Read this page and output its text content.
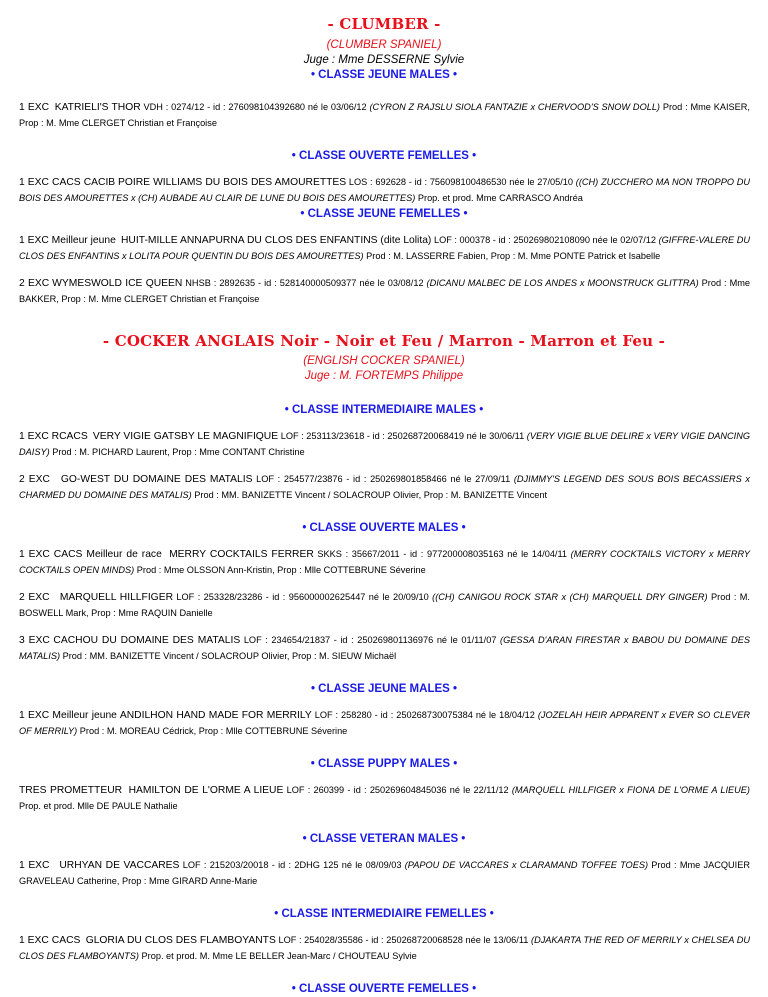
- CLUMBER -
(CLUMBER SPANIEL)
Juge : Mme DESSERNE Sylvie
• CLASSE JEUNE MALES •
1 EXC KATRIELI'S THOR VDH : 0274/12 - id : 276098104392680 né le 03/06/12 (CYRON Z RAJSLU SIOLA FANTAZIE x CHERVOOD'S SNOW DOLL) Prod : Mme KAISER, Prop : M. Mme CLERGET Christian et Françoise
• CLASSE OUVERTE FEMELLES •
1 EXC CACS CACIB POIRE WILLIAMS DU BOIS DES AMOURETTES LOS : 692628 - id : 756098100486530 née le 27/05/10 ((CH) ZUCCHERO MA NON TROPPO DU BOIS DES AMOURETTES x (CH) AUBADE AU CLAIR DE LUNE DU BOIS DES AMOURETTES) Prop. et prod. Mme CARRASCO Andréa
• CLASSE JEUNE FEMELLES •
1 EXC Meilleur jeune HUIT-MILLE ANNAPURNA DU CLOS DES ENFANTINS (dite Lolita) LOF : 000378 - id : 250269802108090 née le 02/07/12 (GIFFRE-VALERE DU CLOS DES ENFANTINS x LOLITA POUR QUENTIN DU BOIS DES AMOURETTES) Prod : M. LASSERRE Fabien, Prop : M. Mme PONTE Patrick et Isabelle
2 EXC WYMESWOLD ICE QUEEN NHSB : 2892635 - id : 528140000509377 née le 03/08/12 (DICANU MALBEC DE LOS ANDES x MOONSTRUCK GLITTRA) Prod : Mme BAKKER, Prop : M. Mme CLERGET Christian et Françoise
- COCKER ANGLAIS Noir - Noir et Feu / Marron - Marron et Feu -
(ENGLISH COCKER SPANIEL)
Juge : M. FORTEMPS Philippe
• CLASSE INTERMEDIAIRE MALES •
1 EXC RCACS VERY VIGIE GATSBY LE MAGNIFIQUE LOF : 253113/23618 - id : 250268720068419 né le 30/06/11 (VERY VIGIE BLUE DELIRE x VERY VIGIE DANCING DAISY) Prod : M. PICHARD Laurent, Prop : Mme CONTANT Christine
2 EXC GO-WEST DU DOMAINE DES MATALIS LOF : 254577/23876 - id : 250269801858466 né le 27/09/11 (DJIMMY'S LEGEND DES SOUS BOIS BECASSIERS x CHARMED DU DOMAINE DES MATALIS) Prod : MM. BANIZETTE Vincent / SOLACROUP Olivier, Prop : M. BANIZETTE Vincent
• CLASSE OUVERTE MALES •
1 EXC CACS Meilleur de race MERRY COCKTAILS FERRER SKKS : 35667/2011 - id : 977200008035163 né le 14/04/11 (MERRY COCKTAILS VICTORY x MERRY COCKTAILS OPEN MINDS) Prod : Mme OLSSON Ann-Kristin, Prop : Mlle COTTEBRUNE Séverine
2 EXC MARQUELL HILLFIGER LOF : 253328/23286 - id : 956000002625447 né le 20/09/10 ((CH) CANIGOU ROCK STAR x (CH) MARQUELL DRY GINGER) Prod : M. BOSWELL Mark, Prop : Mme RAQUIN Danielle
3 EXC CACHOU DU DOMAINE DES MATALIS LOF : 234654/21837 - id : 250269801136976 né le 01/11/07 (GESSA D'ARAN FIRESTAR x BABOU DU DOMAINE DES MATALIS) Prod : MM. BANIZETTE Vincent / SOLACROUP Olivier, Prop : M. SIEUW Michaël
• CLASSE JEUNE MALES •
1 EXC Meilleur jeune ANDILHON HAND MADE FOR MERRILY LOF : 258280 - id : 250268730075384 né le 18/04/12 (JOZELAH HEIR APPARENT x EVER SO CLEVER OF MERRILY) Prod : M. MOREAU Cédrick, Prop : Mlle COTTEBRUNE Séverine
• CLASSE PUPPY MALES •
TRES PROMETTEUR HAMILTON DE L'ORME A LIEUE LOF : 260399 - id : 250269604845036 né le 22/11/12 (MARQUELL HILLFIGER x FIONA DE L'ORME A LIEUE) Prop. et prod. Mlle DE PAULE Nathalie
• CLASSE VETERAN MALES •
1 EXC URHYAN DE VACCARES LOF : 215203/20018 - id : 2DHG 125 né le 08/09/03 (PAPOU DE VACCARES x CLARAMAND TOFFEE TOES) Prod : Mme JACQUIER GRAVELEAU Catherine, Prop : Mme GIRARD Anne-Marie
• CLASSE INTERMEDIAIRE FEMELLES •
1 EXC CACS GLORIA DU CLOS DES FLAMBOYANTS LOF : 254028/35586 - id : 250268720068528 née le 13/06/11 (DJAKARTA THE RED OF MERRILY x CHELSEA DU CLOS DES FLAMBOYANTS) Prop. et prod. M. Mme LE BELLER Jean-Marc / CHOUTEAU Sylvie
• CLASSE OUVERTE FEMELLES •
